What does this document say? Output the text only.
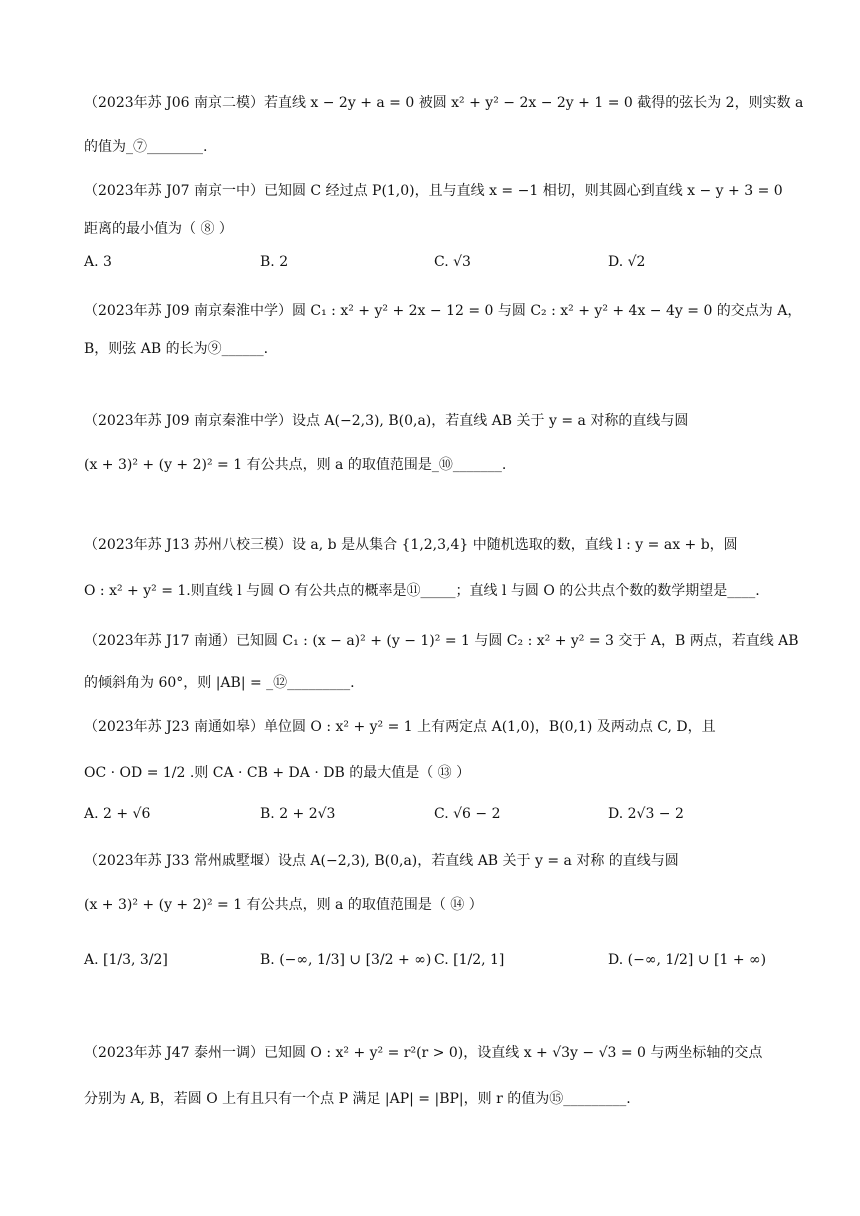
（2023年苏 J06 南京二模）若直线 x − 2y + a = 0 被圆 x² + y² − 2x − 2y + 1 = 0 截得的弦长为 2，则实数 a
的值为_⑦________.
（2023年苏 J07 南京一中）已知圆 C 经过点 P(1,0)，且与直线 x = −1 相切，则其圆心到直线 x − y + 3 = 0
距离的最小值为（ ⑧ ）
A. 3	B. 2	C. √3	D. √2
（2023年苏 J09 南京秦淮中学）圆 C₁ : x² + y² + 2x − 12 = 0 与圆 C₂ : x² + y² + 4x − 4y = 0 的交点为 A，
B，则弦 AB 的长为⑨______.
（2023年苏 J09 南京秦淮中学）设点 A(−2,3), B(0,a)，若直线 AB 关于 y = a 对称的直线与圆
(x + 3)² + (y + 2)² = 1 有公共点，则 a 的取值范围是_⑩_______.
（2023年苏 J13 苏州八校三模）设 a, b 是从集合 {1,2,3,4} 中随机选取的数，直线 l : y = ax + b，圆
O : x² + y² = 1.则直线 l 与圆 O 有公共点的概率是⑪_____；直线 l 与圆 O 的公共点个数的数学期望是____.
（2023年苏 J17 南通）已知圆 C₁ : (x − a)² + (y − 1)² = 1 与圆 C₂ : x² + y² = 3 交于 A，B 两点，若直线 AB
的倾斜角为 60°，则 |AB| = _⑫_________.
（2023年苏 J23 南通如皋）单位圆 O : x² + y² = 1 上有两定点 A(1,0)，B(0,1) 及两动点 C, D，且
OC · OD = 1/2 .则 CA · CB + DA · DB 的最大值是（ ⑬ ）
A. 2 + √6	B. 2 + 2√3	C. √6 − 2	D. 2√3 − 2
（2023年苏 J33 常州戚墅堰）设点 A(−2,3), B(0,a)，若直线 AB 关于 y = a 对称 的直线与圆
(x + 3)² + (y + 2)² = 1 有公共点，则 a 的取值范围是（ ⑭ ）
A. [1/3, 3/2]	B. (−∞, 1/3] ∪ [3/2 + ∞) C. [1/2, 1]	D. (−∞, 1/2] ∪ [1 + ∞)
（2023年苏 J47 泰州一调）已知圆 O : x² + y² = r²(r > 0)，设直线 x + √3y − √3 = 0 与两坐标轴的交点
分别为 A, B，若圆 O 上有且只有一个点 P 满足 |AP| = |BP|，则 r 的值为⑮_________.
